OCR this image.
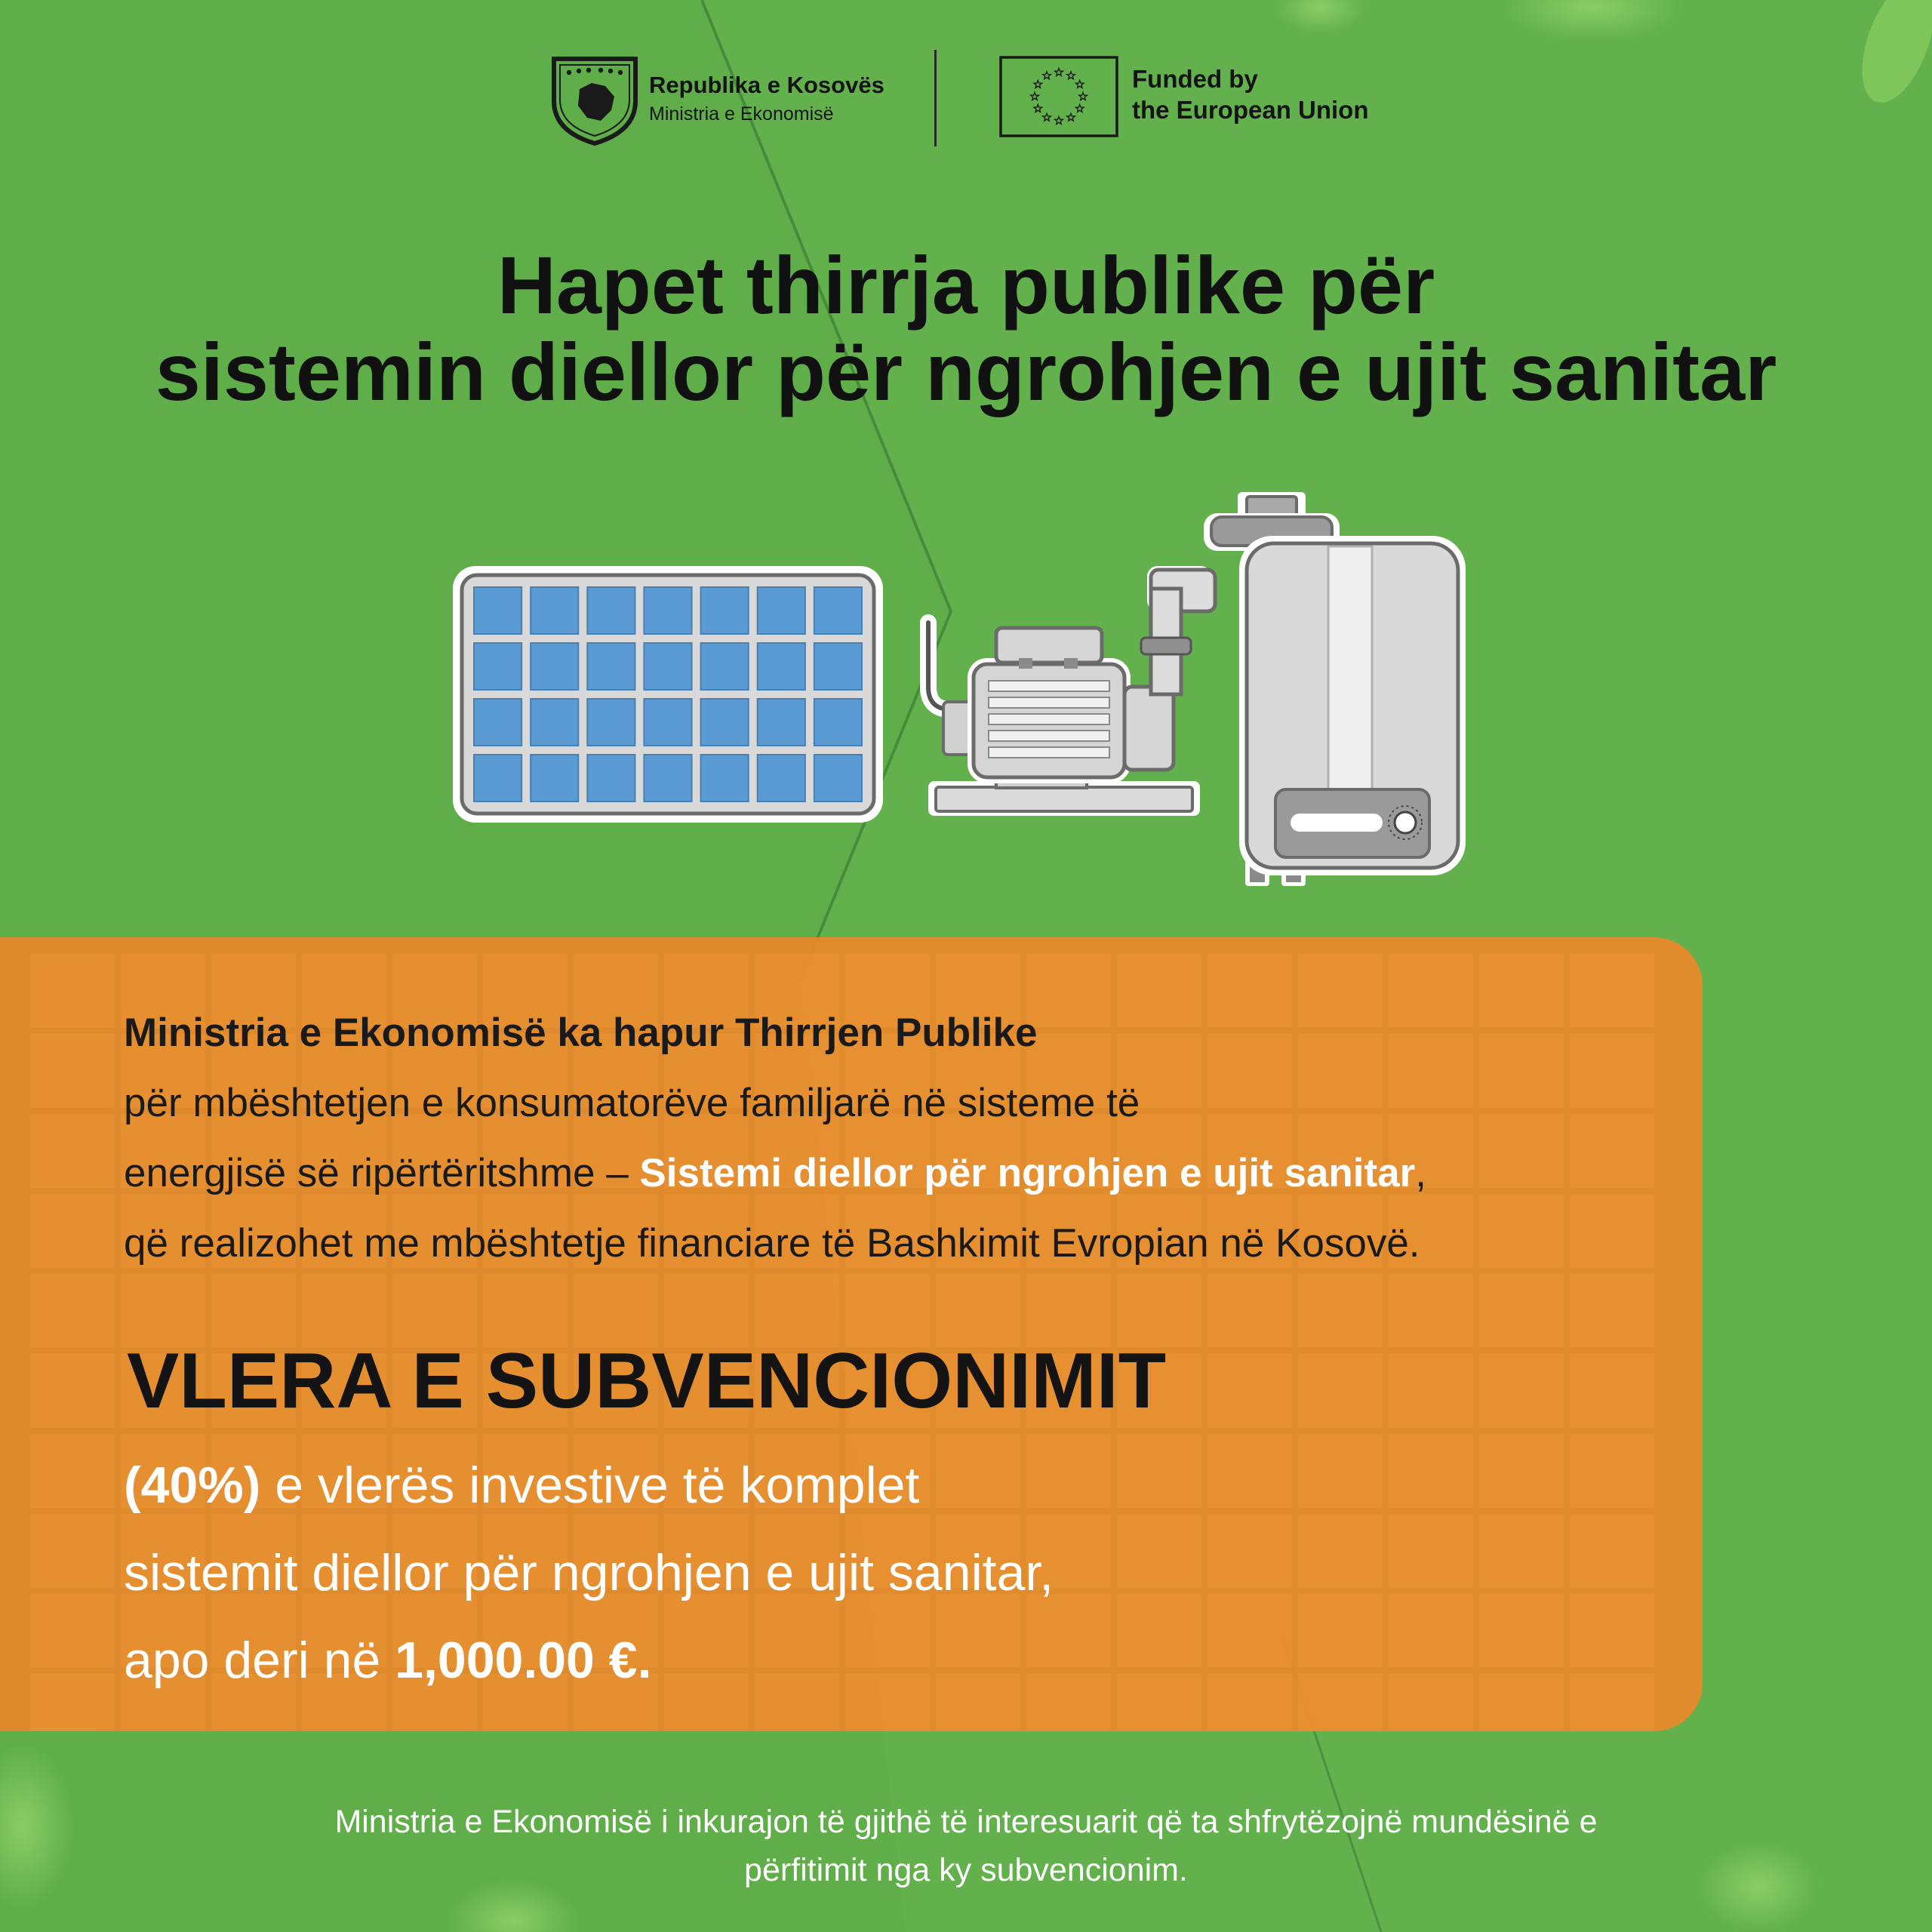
Republika e Kosovës
Ministria e Ekonomisë
Funded by
the European Union
Hapet thirrja publike për
sistemin diellor për ngrohjen e ujit sanitar
Ministria e Ekonomisë ka hapur Thirrjen Publike
për mbështetjen e konsumatorëve familjarë në sisteme të
energjisë së ripërtëritshme – Sistemi diellor për ngrohjen e ujit sanitar,
që realizohet me mbështetje financiare të Bashkimit Evropian në Kosovë.
VLERA E SUBVENCIONIMIT
(40%) e vlerës investive të komplet
sistemit diellor për ngrohjen e ujit sanitar,
apo deri në 1,000.00 €.
Ministria e Ekonomisë i inkurajon të gjithë të interesuarit që ta shfrytëzojnë mundësinë e
përfitimit nga ky subvencionim.
